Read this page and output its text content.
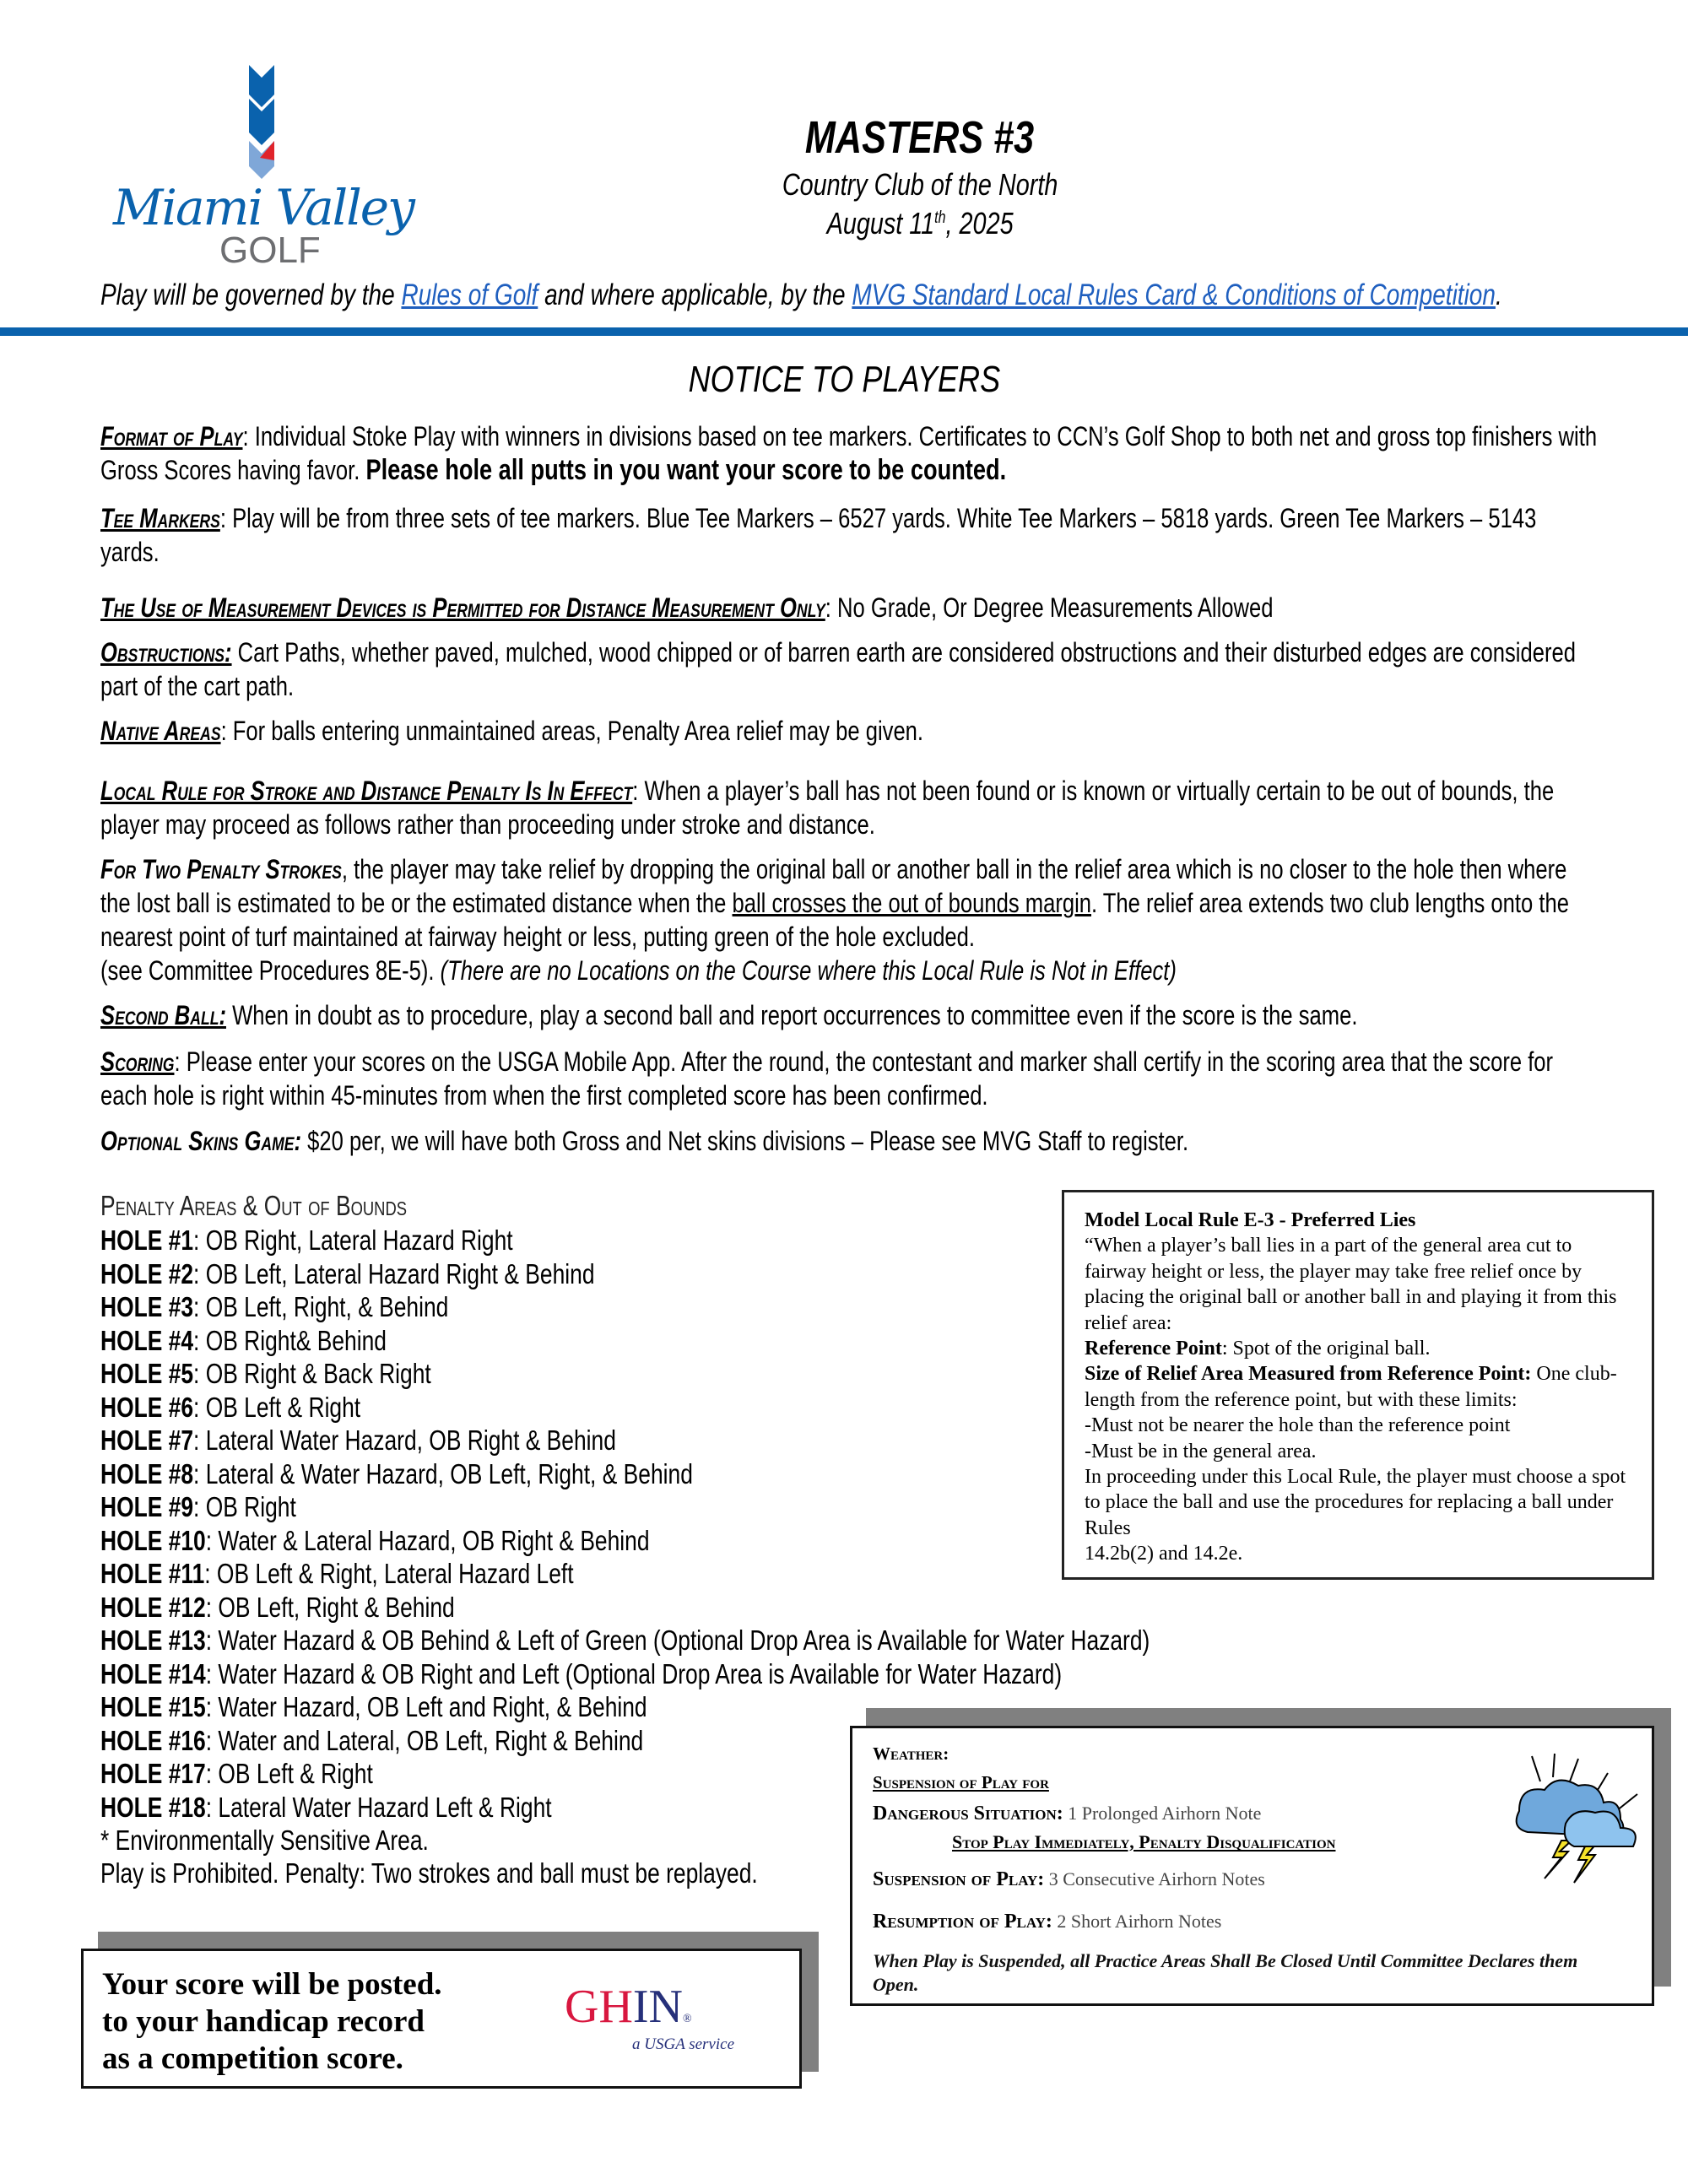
Miami Valley
GOLF
MASTERS #3
Country Club of the North
August 11th, 2025
Play will be governed by the Rules of Golf and where applicable, by the MVG Standard Local Rules Card & Conditions of Competition.
NOTICE TO PLAYERS
Format of Play: Individual Stoke Play with winners in divisions based on tee markers. Certificates to CCN’s Golf Shop to both net and gross top finishers with Gross Scores having favor. Please hole all putts in you want your score to be counted.
Tee Markers: Play will be from three sets of tee markers. Blue Tee Markers – 6527 yards. White Tee Markers – 5818 yards. Green Tee Markers – 5143 yards.
The Use of Measurement Devices is Permitted for Distance Measurement Only: No Grade, Or Degree Measurements Allowed
Obstructions: Cart Paths, whether paved, mulched, wood chipped or of barren earth are considered obstructions and their disturbed edges are considered part of the cart path.
Native Areas: For balls entering unmaintained areas, Penalty Area relief may be given.
Local Rule for Stroke and Distance Penalty Is In Effect: When a player’s ball has not been found or is known or virtually certain to be out of bounds, the player may proceed as follows rather than proceeding under stroke and distance.
For Two Penalty Strokes, the player may take relief by dropping the original ball or another ball in the relief area which is no closer to the hole then where the lost ball is estimated to be or the estimated distance when the ball crosses the out of bounds margin. The relief area extends two club lengths onto the nearest point of turf maintained at fairway height or less, putting green of the hole excluded.
(see Committee Procedures 8E-5). (There are no Locations on the Course where this Local Rule is Not in Effect)
Second Ball: When in doubt as to procedure, play a second ball and report occurrences to committee even if the score is the same.
Scoring: Please enter your scores on the USGA Mobile App. After the round, the contestant and marker shall certify in the scoring area that the score for each hole is right within 45-minutes from when the first completed score has been confirmed.
Optional Skins Game: $20 per, we will have both Gross and Net skins divisions – Please see MVG Staff to register.
Penalty Areas & Out of Bounds
HOLE #1: OB Right, Lateral Hazard Right
HOLE #2: OB Left, Lateral Hazard Right & Behind
HOLE #3: OB Left, Right, & Behind
HOLE #4: OB Right& Behind
HOLE #5: OB Right & Back Right
HOLE #6: OB Left & Right
HOLE #7: Lateral Water Hazard, OB Right & Behind
HOLE #8: Lateral & Water Hazard, OB Left, Right, & Behind
HOLE #9: OB Right
HOLE #10: Water & Lateral Hazard, OB Right & Behind
HOLE #11: OB Left & Right, Lateral Hazard Left
HOLE #12: OB Left, Right & Behind
HOLE #13: Water Hazard & OB Behind & Left of Green (Optional Drop Area is Available for Water Hazard)
HOLE #14: Water Hazard & OB Right and Left (Optional Drop Area is Available for Water Hazard)
HOLE #15: Water Hazard, OB Left and Right, & Behind
HOLE #16: Water and Lateral, OB Left, Right & Behind
HOLE #17: OB Left & Right
HOLE #18: Lateral Water Hazard Left & Right
* Environmentally Sensitive Area.
Play is Prohibited. Penalty: Two strokes and ball must be replayed.
Model Local Rule E-3 - Preferred Lies
“When a player’s ball lies in a part of the general area cut to fairway height or less, the player may take free relief once by placing the original ball or another ball in and playing it from this relief area:
Reference Point: Spot of the original ball.
Size of Relief Area Measured from Reference Point: One club-length from the reference point, but with these limits:
-Must not be nearer the hole than the reference point
-Must be in the general area.
In proceeding under this Local Rule, the player must choose a spot to place the ball and use the procedures for replacing a ball under Rules
14.2b(2) and 14.2e.
Weather:
Suspension of Play for
Dangerous Situation: 1 Prolonged Airhorn Note
Stop Play Immediately, Penalty Disqualification
Suspension of Play: 3 Consecutive Airhorn Notes
Resumption of Play: 2 Short Airhorn Notes
When Play is Suspended, all Practice Areas Shall Be Closed Until Committee Declares them Open.
Your score will be posted.
to your handicap record
as a competition score.
GHIN®
a USGA service
